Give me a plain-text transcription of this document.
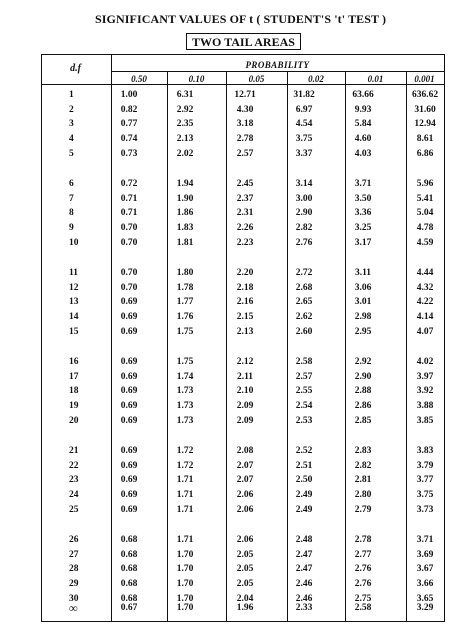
SIGNIFICANT VALUES OF t ( STUDENT'S 't' TEST )
TWO TAIL AREAS
d.f	PROBABILITY
0.50	0.10	0.05	0.02	0.01	0.001
1	1.00	6.31	12.71	31.82	63.66	636.62
2	0.82	2.92	4.30	6.97	9.93	31.60
3	0.77	2.35	3.18	4.54	5.84	12.94
4	0.74	2.13	2.78	3.75	4.60	8.61
5	0.73	2.02	2.57	3.37	4.03	6.86
6	0.72	1.94	2.45	3.14	3.71	5.96
7	0.71	1.90	2.37	3.00	3.50	5.41
8	0.71	1.86	2.31	2.90	3.36	5.04
9	0.70	1.83	2.26	2.82	3.25	4.78
10	0.70	1.81	2.23	2.76	3.17	4.59
11	0.70	1.80	2.20	2.72	3.11	4.44
12	0.70	1.78	2.18	2.68	3.06	4.32
13	0.69	1.77	2.16	2.65	3.01	4.22
14	0.69	1.76	2.15	2.62	2.98	4.14
15	0.69	1.75	2.13	2.60	2.95	4.07
16	0.69	1.75	2.12	2.58	2.92	4.02
17	0.69	1.74	2.11	2.57	2.90	3.97
18	0.69	1.73	2.10	2.55	2.88	3.92
19	0.69	1.73	2.09	2.54	2.86	3.88
20	0.69	1.73	2.09	2.53	2.85	3.85
21	0.69	1.72	2.08	2.52	2.83	3.83
22	0.69	1.72	2.07	2.51	2.82	3.79
23	0.69	1.71	2.07	2.50	2.81	3.77
24	0.69	1.71	2.06	2.49	2.80	3.75
25	0.69	1.71	2.06	2.49	2.79	3.73
26	0.68	1.71	2.06	2.48	2.78	3.71
27	0.68	1.70	2.05	2.47	2.77	3.69
28	0.68	1.70	2.05	2.47	2.76	3.67
29	0.68	1.70	2.05	2.46	2.76	3.66
30	0.68	1.70	2.04	2.46	2.75	3.65
∞	0.67	1.70	1.96	2.33	2.58	3.29
